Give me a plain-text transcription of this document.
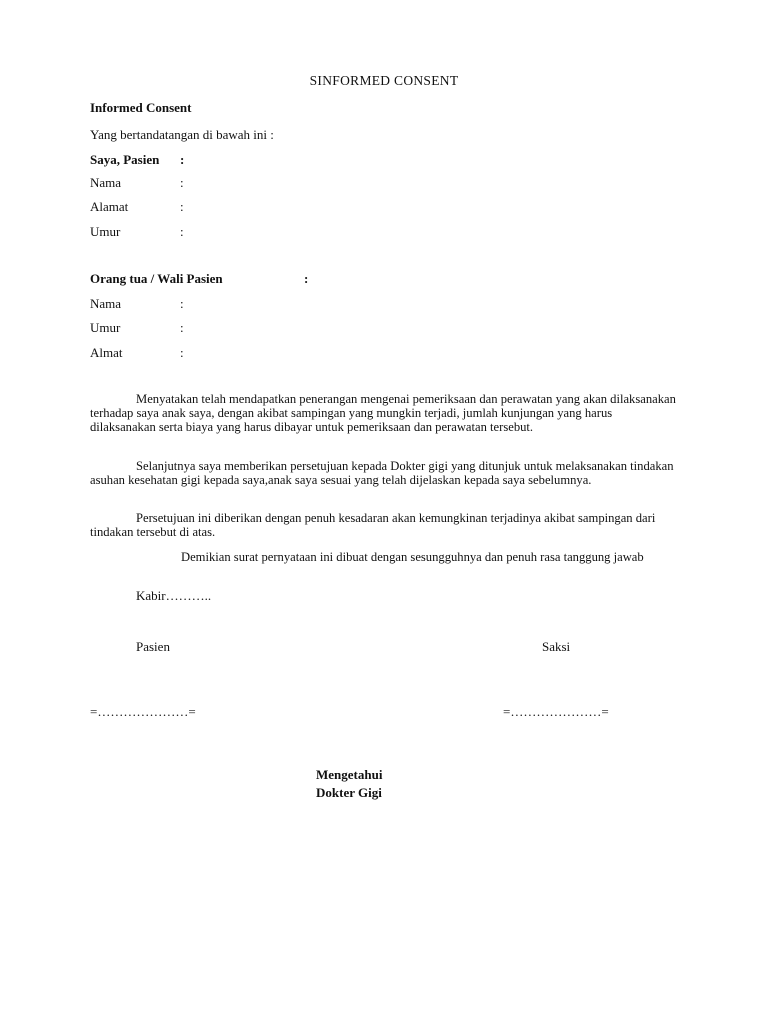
SINFORMED CONSENT
Informed Consent
Yang bertandatangan di bawah ini :
Saya, Pasien :
Nama	:
Alamat	:
Umur	:
Orang tua / Wali Pasien	:
Nama	:
Umur	:
Almat	:
Menyatakan telah mendapatkan penerangan mengenai pemeriksaan dan perawatan yang akan dilaksanakan terhadap saya anak saya, dengan akibat sampingan yang mungkin terjadi, jumlah kunjungan yang harus dilaksanakan serta biaya yang harus dibayar untuk pemeriksaan dan perawatan tersebut.
Selanjutnya saya memberikan persetujuan kepada Dokter gigi yang ditunjuk untuk melaksanakan tindakan asuhan kesehatan gigi kepada saya,anak saya sesuai yang telah dijelaskan kepada saya sebelumnya.
Persetujuan ini diberikan dengan penuh kesadaran akan kemungkinan terjadinya akibat sampingan dari tindakan tersebut di atas.
Demikian surat pernyataan ini dibuat dengan sesungguhnya dan penuh rasa tanggung jawab
Kabir………..
Pasien	Saksi
=…………………=	=…………………=
Mengetahui
Dokter Gigi
